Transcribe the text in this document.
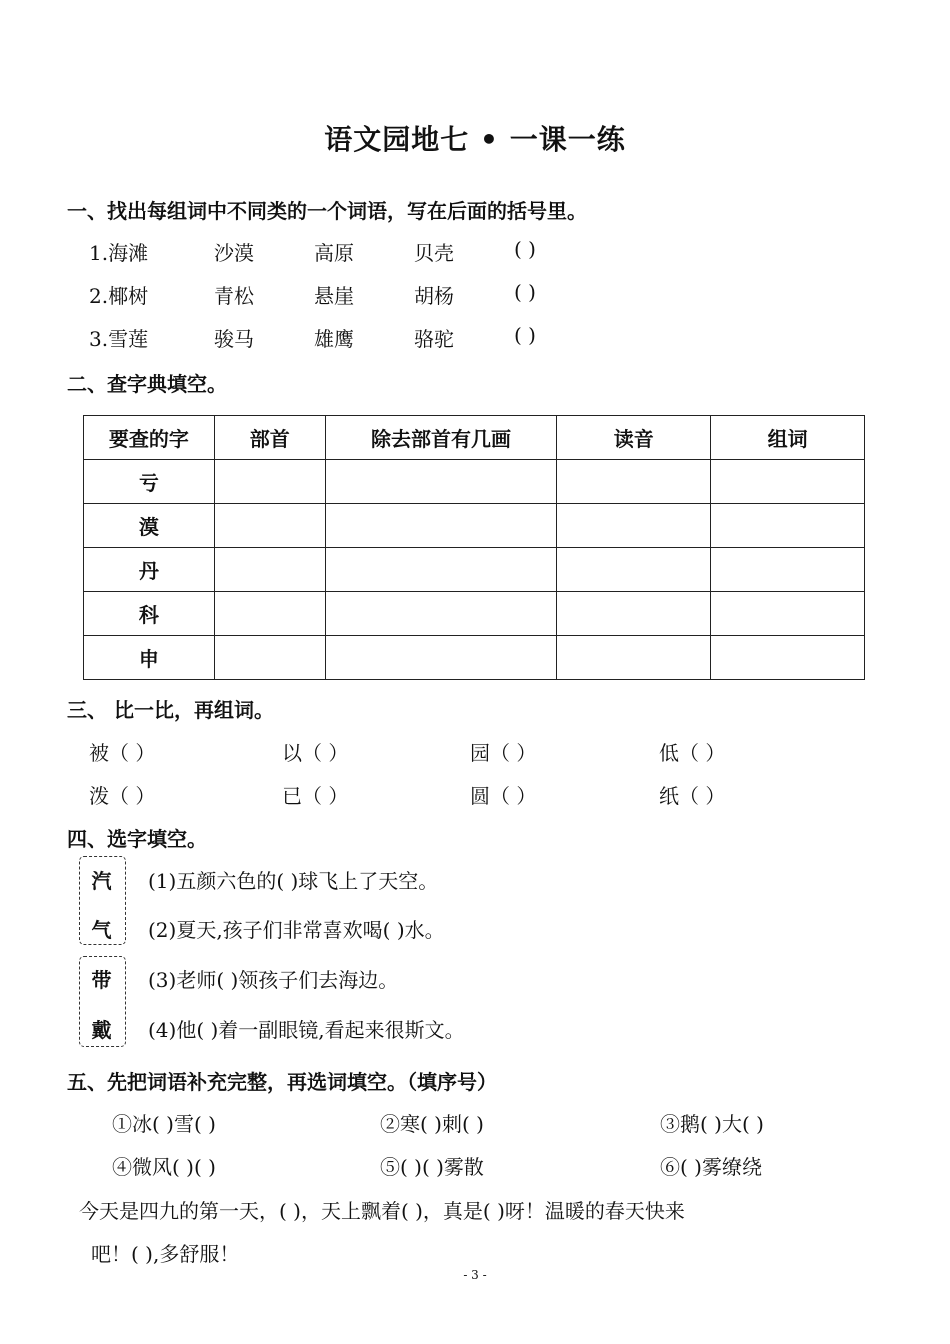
语文园地七 • 一课一练
一、找出每组词中不同类的一个词语，写在后面的括号里。
1.海滩	沙漠	高原	贝壳	( )
2.椰树	青松	悬崖	胡杨	( )
3.雪莲	骏马	雄鹰	骆驼	( )
二、查字典填空。
要查的字	部首	除去部首有几画	读音	组词
亏				
漠				
丹				
科				
申				
三、 比一比，再组词。
被（ ）	以（ ）	园（ ）	低（ ）
泼（ ）	已（ ）	圆（ ）	纸（ ）
四、选字填空。
汽
气
带
戴
(1)五颜六色的( )球飞上了天空。
(2)夏天,孩子们非常喜欢喝( )水。
(3)老师( )领孩子们去海边。
(4)他( )着一副眼镜,看起来很斯文。
五、先把词语补充完整，再选词填空。（填序号）
①冰( )雪( )	②寒( )刺( )	③鹅( )大( )
④微风( )( )	⑤( )( )雾散	⑥( )雾缭绕
今天是四九的第一天，( )，天上飘着( )，真是( )呀！温暖的春天快来
吧！( ),多舒服！
- 3 -
